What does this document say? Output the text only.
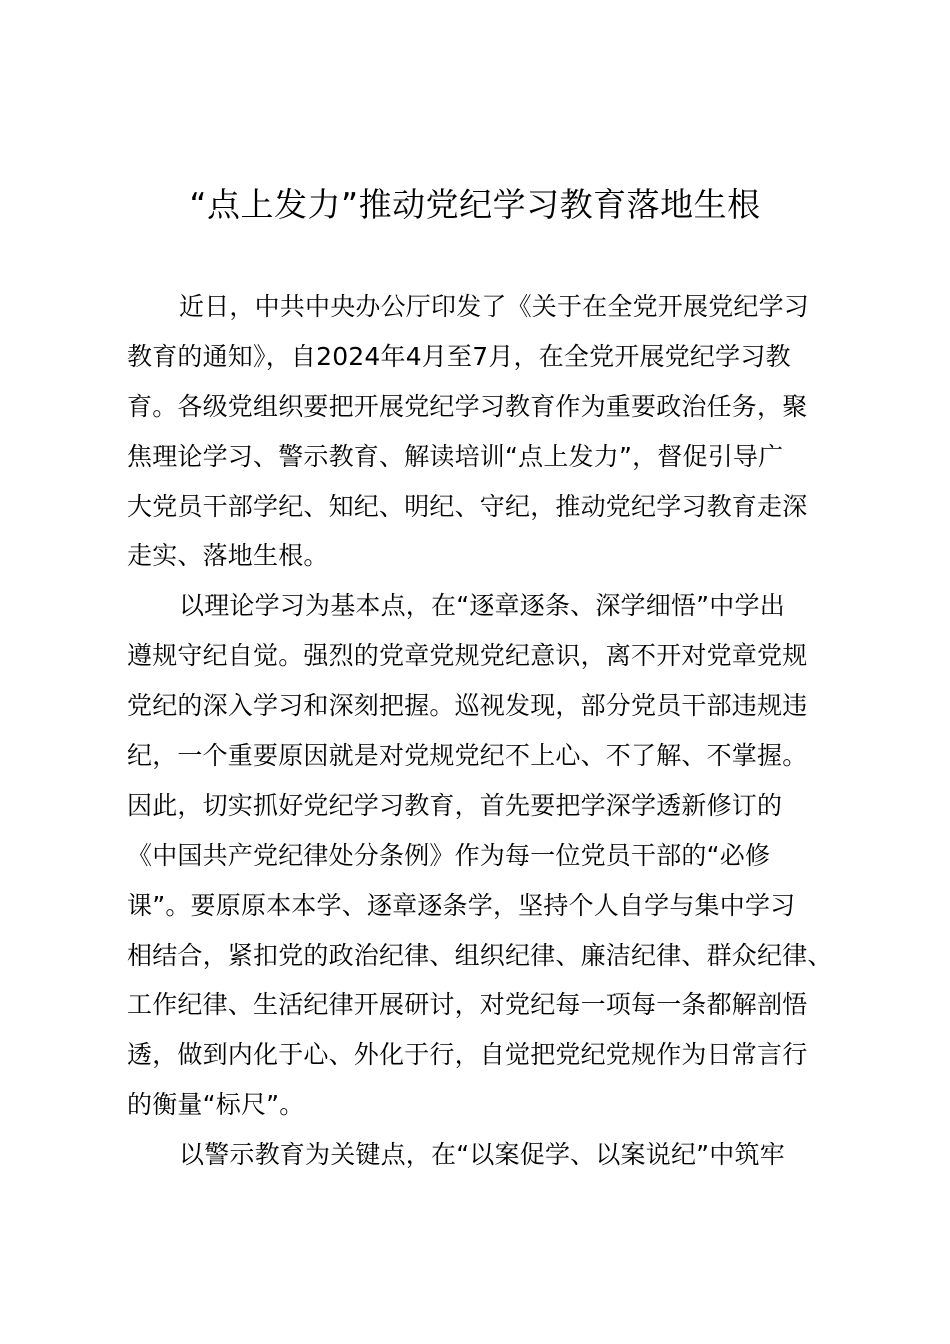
“点上发力”推动党纪学习教育落地生根
近日，中共中央办公厅印发了《关于在全党开展党纪学习
教育的通知》，自2024年4月至7月，在全党开展党纪学习教
育。各级党组织要把开展党纪学习教育作为重要政治任务，聚
焦理论学习、警示教育、解读培训“点上发力”，督促引导广
大党员干部学纪、知纪、明纪、守纪，推动党纪学习教育走深
走实、落地生根。
以理论学习为基本点，在“逐章逐条、深学细悟”中学出
遵规守纪自觉。强烈的党章党规党纪意识，离不开对党章党规
党纪的深入学习和深刻把握。巡视发现，部分党员干部违规违
纪，一个重要原因就是对党规党纪不上心、不了解、不掌握。
因此，切实抓好党纪学习教育，首先要把学深学透新修订的
《中国共产党纪律处分条例》作为每一位党员干部的“必修
课”。要原原本本学、逐章逐条学，坚持个人自学与集中学习
相结合，紧扣党的政治纪律、组织纪律、廉洁纪律、群众纪律、
工作纪律、生活纪律开展研讨，对党纪每一项每一条都解剖悟
透，做到内化于心、外化于行，自觉把党纪党规作为日常言行
的衡量“标尺”。
以警示教育为关键点，在“以案促学、以案说纪”中筑牢
